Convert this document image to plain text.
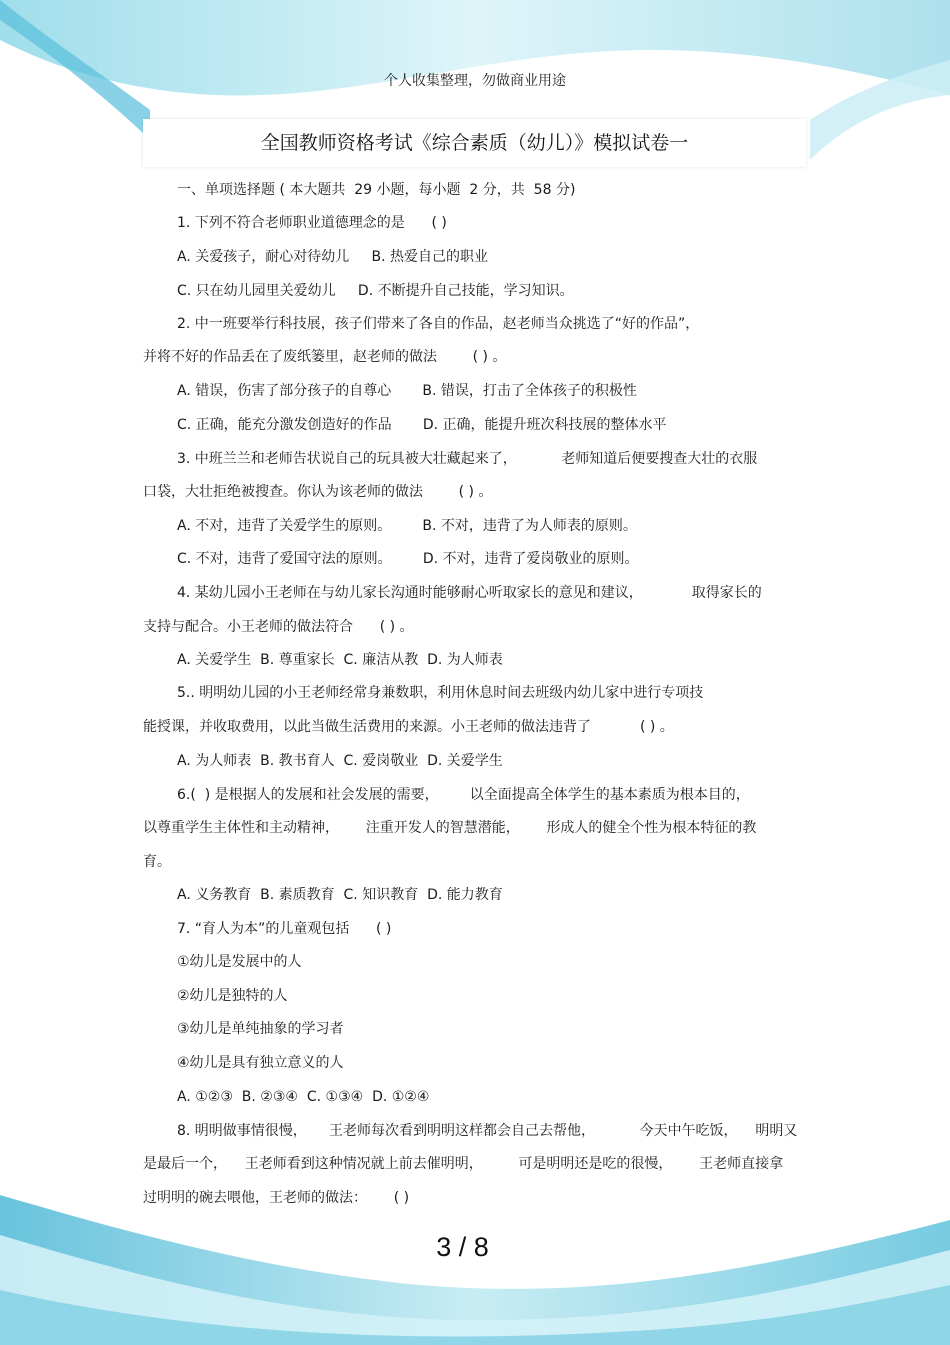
个人收集整理，勿做商业用途
全国教师资格考试《综合素质（幼儿）》模拟试卷一
一、单项选择题 ( 本大题共  29 小题，每小题  2 分，共  58 分)
1. 下列不符合老师职业道德理念的是      ( )
A. 关爱孩子，耐心对待幼儿     B. 热爱自己的职业
C. 只在幼儿园里关爱幼儿     D. 不断提升自己技能，学习知识。
2. 中一班要举行科技展，孩子们带来了各自的作品，赵老师当众挑选了“好的作品”，
并将不好的作品丢在了废纸篓里，赵老师的做法        ( ) 。
A. 错误，伤害了部分孩子的自尊心       B. 错误，打击了全体孩子的积极性
C. 正确，能充分激发创造好的作品       D. 正确，能提升班次科技展的整体水平
3. 中班兰兰和老师告状说自己的玩具被大壮藏起来了，          老师知道后便要搜查大壮的衣服
口袋，大壮拒绝被搜查。你认为该老师的做法        ( ) 。
A. 不对，违背了关爱学生的原则。       B. 不对，违背了为人师表的原则。
C. 不对，违背了爱国守法的原则。       D. 不对，违背了爱岗敬业的原则。
4. 某幼儿园小王老师在与幼儿家长沟通时能够耐心听取家长的意见和建议，           取得家长的
支持与配合。小王老师的做法符合      ( ) 。
A. 关爱学生  B. 尊重家长  C. 廉洁从教  D. 为人师表
5.. 明明幼儿园的小王老师经常身兼数职，利用休息时间去班级内幼儿家中进行专项技
能授课，并收取费用，以此当做生活费用的来源。小王老师的做法违背了           ( ) 。
A. 为人师表  B. 教书育人  C. 爱岗敬业  D. 关爱学生
6.(  ) 是根据人的发展和社会发展的需要，       以全面提高全体学生的基本素质为根本目的，
以尊重学生主体性和主动精神，      注重开发人的智慧潜能，      形成人的健全个性为根本特征的教
育。
A. 义务教育  B. 素质教育  C. 知识教育  D. 能力教育
7. “育人为本”的儿童观包括      ( )
①幼儿是发展中的人
②幼儿是独特的人
③幼儿是单纯抽象的学习者
④幼儿是具有独立意义的人
A. ①②③  B. ②③④  C. ①③④  D. ①②④
8. 明明做事情很慢，     王老师每次看到明明这样都会自己去帮他，          今天中午吃饭，    明明又
是最后一个，    王老师看到这种情况就上前去催明明，        可是明明还是吃的很慢，      王老师直接拿
过明明的碗去喂他，王老师的做法：      ( )
3 / 8
